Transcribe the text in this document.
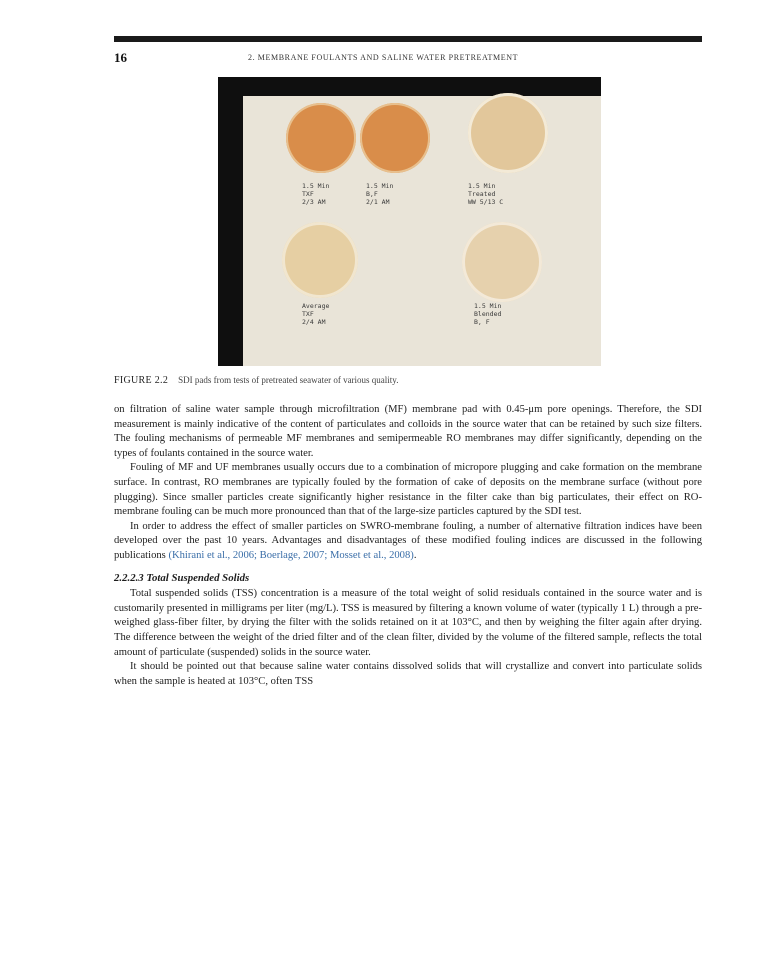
16	2. MEMBRANE FOULANTS AND SALINE WATER PRETREATMENT
1.5 Min
TXF
2/3 AM
1.5 Min
B,F
2/1 AM
1.5 Min
Treated
WW 5/13 C
Average
TXF
2/4 AM
1.5 Min
Blended
B, F
FIGURE 2.2 SDI pads from tests of pretreated seawater of various quality.

on filtration of saline water sample through microfiltration (MF) membrane pad with 0.45-μm pore openings. Therefore, the SDI measurement is mainly indicative of the content of particulates and colloids in the source water that can be retained by such size filters. The fouling mechanisms of permeable MF membranes and semipermeable RO membranes may differ significantly, depending on the types of foulants contained in the source water.

Fouling of MF and UF membranes usually occurs due to a combination of micropore plugging and cake formation on the membrane surface. In contrast, RO membranes are typically fouled by the formation of cake of deposits on the membrane surface (without pore plugging). Since smaller particles create significantly higher resistance in the filter cake than big particulates, their effect on RO-membrane fouling can be much more pronounced than that of the large-size particles captured by the SDI test.

In order to address the effect of smaller particles on SWRO-membrane fouling, a number of alternative filtration indices have been developed over the past 10 years. Advantages and disadvantages of these modified fouling indices are discussed in the following publications (Khirani et al., 2006; Boerlage, 2007; Mosset et al., 2008).

2.2.2.3 Total Suspended Solids

Total suspended solids (TSS) concentration is a measure of the total weight of solid residuals contained in the source water and is customarily presented in milligrams per liter (mg/L). TSS is measured by filtering a known volume of water (typically 1 L) through a pre-weighed glass-fiber filter, by drying the filter with the solids retained on it at 103°C, and then by weighing the filter again after drying. The difference between the weight of the dried filter and of the clean filter, divided by the volume of the filtered sample, reflects the total amount of particulate (suspended) solids in the source water.

It should be pointed out that because saline water contains dissolved solids that will crystallize and convert into particulate solids when the sample is heated at 103°C, often TSS
